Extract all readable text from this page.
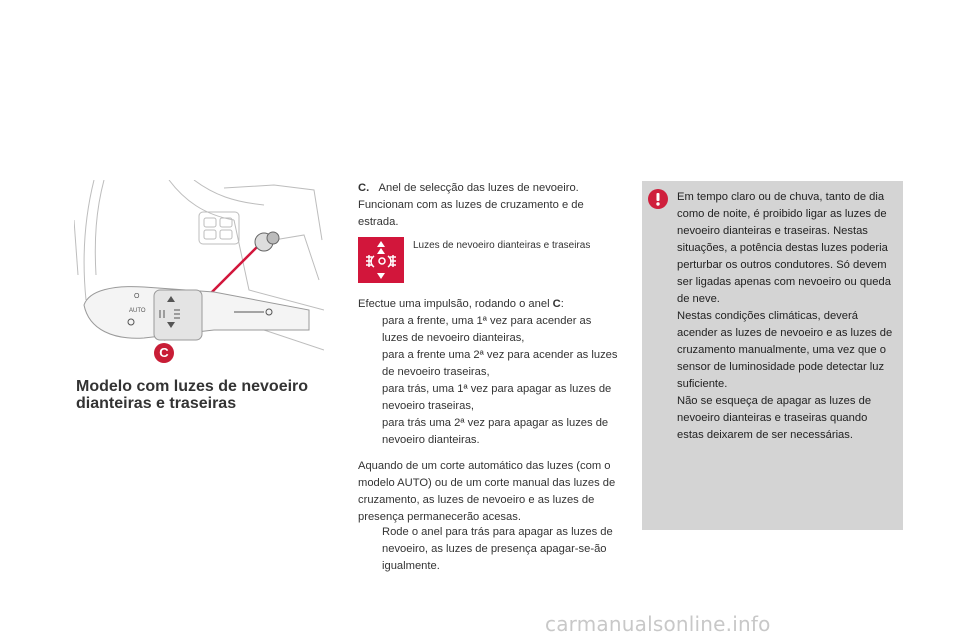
AUTO
O
C
Modelo com luzes de nevoeiro dianteiras e traseiras
C. Anel de selecção das luzes de nevoeiro. Funcionam com as luzes de cruzamento e de estrada.
Luzes de nevoeiro dianteiras e traseiras
Efectue uma impulsão, rodando o anel C:
para a frente, uma 1ª vez para acender as luzes de nevoeiro dianteiras,
para a frente uma 2ª vez para acender as luzes de nevoeiro traseiras,
para trás, uma 1ª vez para apagar as luzes de nevoeiro traseiras,
para trás uma 2ª vez para apagar as luzes de nevoeiro dianteiras.
Aquando de um corte automático das luzes (com o modelo AUTO) ou de um corte manual das luzes de cruzamento, as luzes de nevoeiro e as luzes de presença permanecerão acesas.
Rode o anel para trás para apagar as luzes de nevoeiro, as luzes de presença apagar-se-ão igualmente.

Em tempo claro ou de chuva, tanto de dia como de noite, é proibido ligar as luzes de nevoeiro dianteiras e traseiras. Nestas situações, a potência destas luzes poderia perturbar os outros condutores. Só devem ser ligadas apenas com nevoeiro ou queda de neve.

Nestas condições climáticas, deverá acender as luzes de nevoeiro e as luzes de cruzamento manualmente, uma vez que o sensor de luminosidade pode detectar luz suficiente.

Não se esqueça de apagar as luzes de nevoeiro dianteiras e traseiras quando estas deixarem de ser necessárias.

carmanualsonline.info
